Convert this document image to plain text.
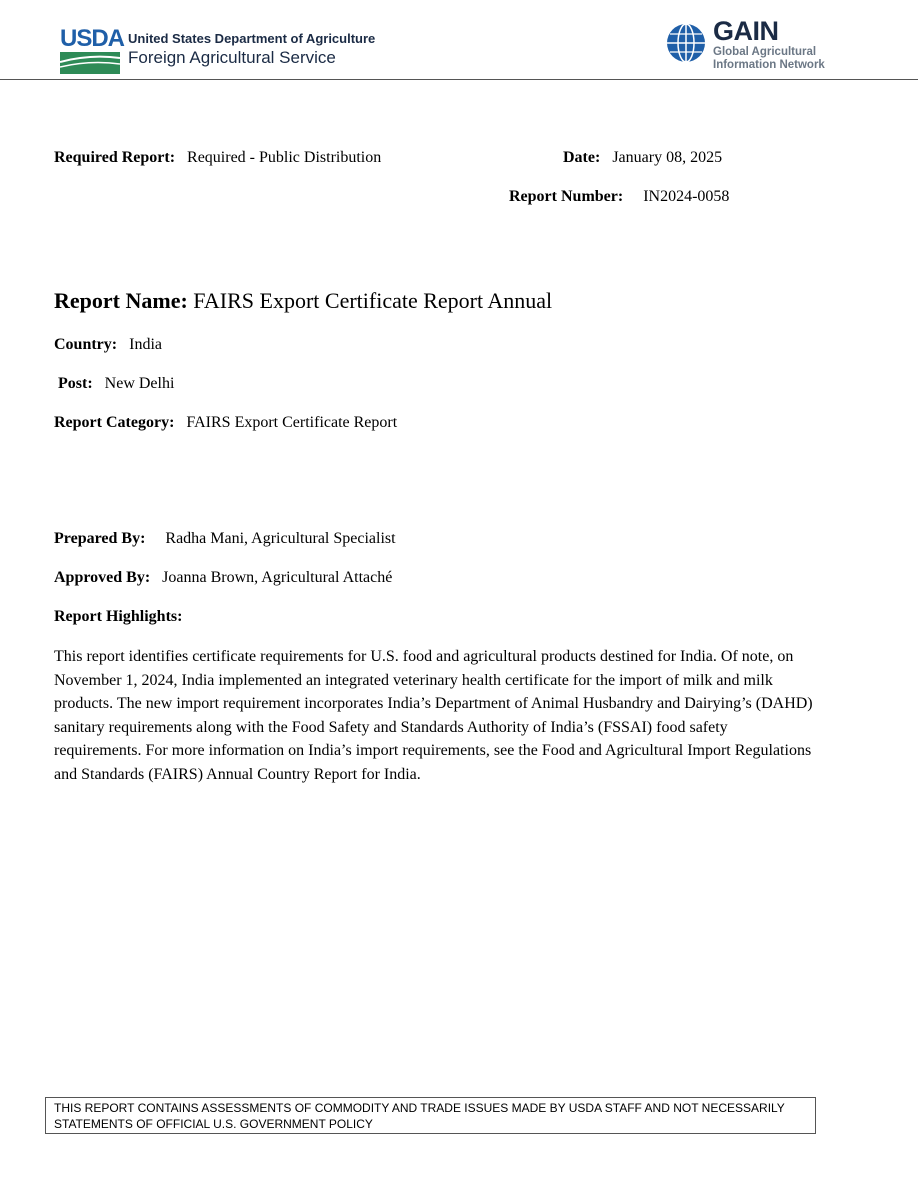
USDA United States Department of Agriculture
Foreign Agricultural Service
GAIN
Global Agricultural
Information Network
Required Report: Required - Public Distribution	Date: January 08, 2025
Report Number: IN2024-0058
Report Name: FAIRS Export Certificate Report Annual
Country: India
Post: New Delhi
Report Category: FAIRS Export Certificate Report
Prepared By: Radha Mani, Agricultural Specialist
Approved By: Joanna Brown, Agricultural Attaché
Report Highlights:
This report identifies certificate requirements for U.S. food and agricultural products destined for India. Of note, on November 1, 2024, India implemented an integrated veterinary health certificate for the import of milk and milk products. The new import requirement incorporates India’s Department of Animal Husbandry and Dairying’s (DAHD) sanitary requirements along with the Food Safety and Standards Authority of India’s (FSSAI) food safety requirements. For more information on India’s import requirements, see the Food and Agricultural Import Regulations and Standards (FAIRS) Annual Country Report for India.
THIS REPORT CONTAINS ASSESSMENTS OF COMMODITY AND TRADE ISSUES MADE BY USDA STAFF AND NOT NECESSARILY
STATEMENTS OF OFFICIAL U.S. GOVERNMENT POLICY
